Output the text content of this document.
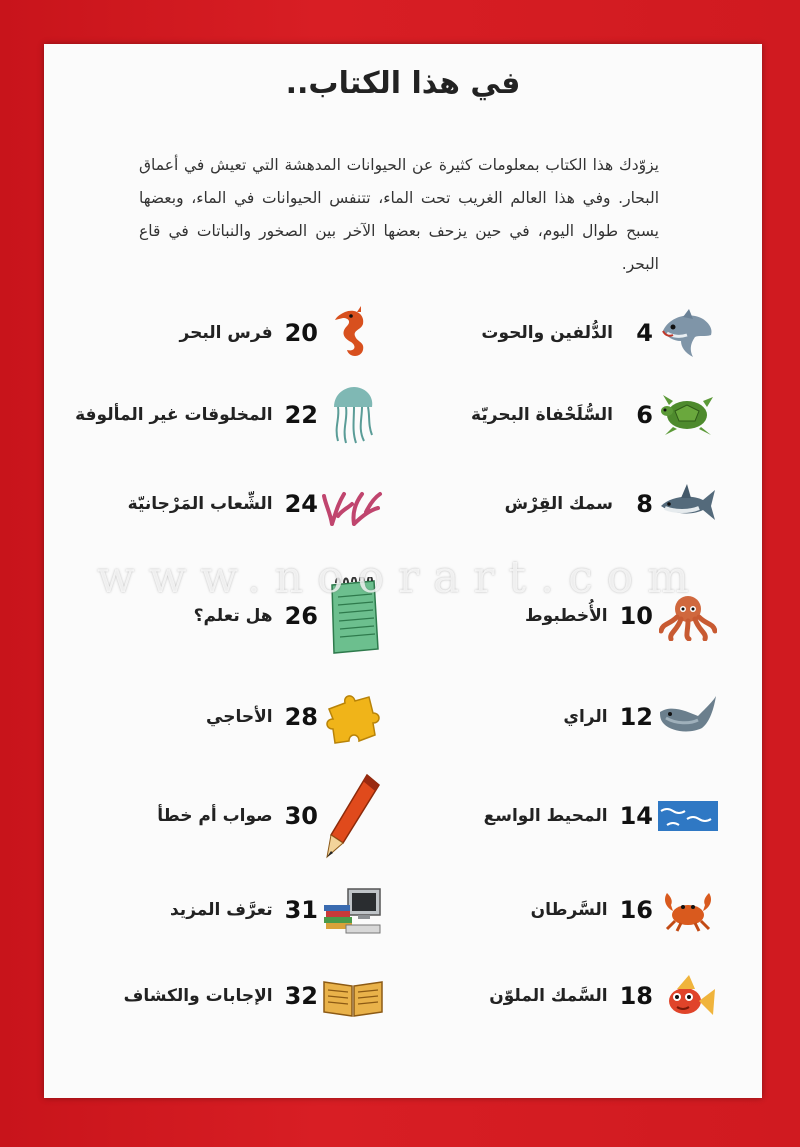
في هذا الكتاب..
يزوّدك هذا الكتاب بمعلومات كثيرة عن الحيوانات المدهشة التي تعيش في أعماق البحار. وفي هذا العالم الغريب تحت الماء، تتنفس الحيوانات في الماء، وبعضها يسبح طوال اليوم، في حين يزحف بعضها الآخر بين الصخور والنباتات في قاع البحر.
4
الدُّلفين والحوت
6
السُّلَحْفاة البحريّة
8
سمك القِرْش
10
الأُخطبوط
12
الراي
14
المحيط الواسع
16
السَّرطان
18
السَّمك الملوّن
20
فرس البحر
22
المخلوقات غير المألوفة
24
الشِّعاب المَرْجانيّة
26
هل تعلم؟
28
الأحاجي
30
صواب أم خطأ
31
تعرَّف المزيد
32
الإجابات والكشاف
www.noorart.com
